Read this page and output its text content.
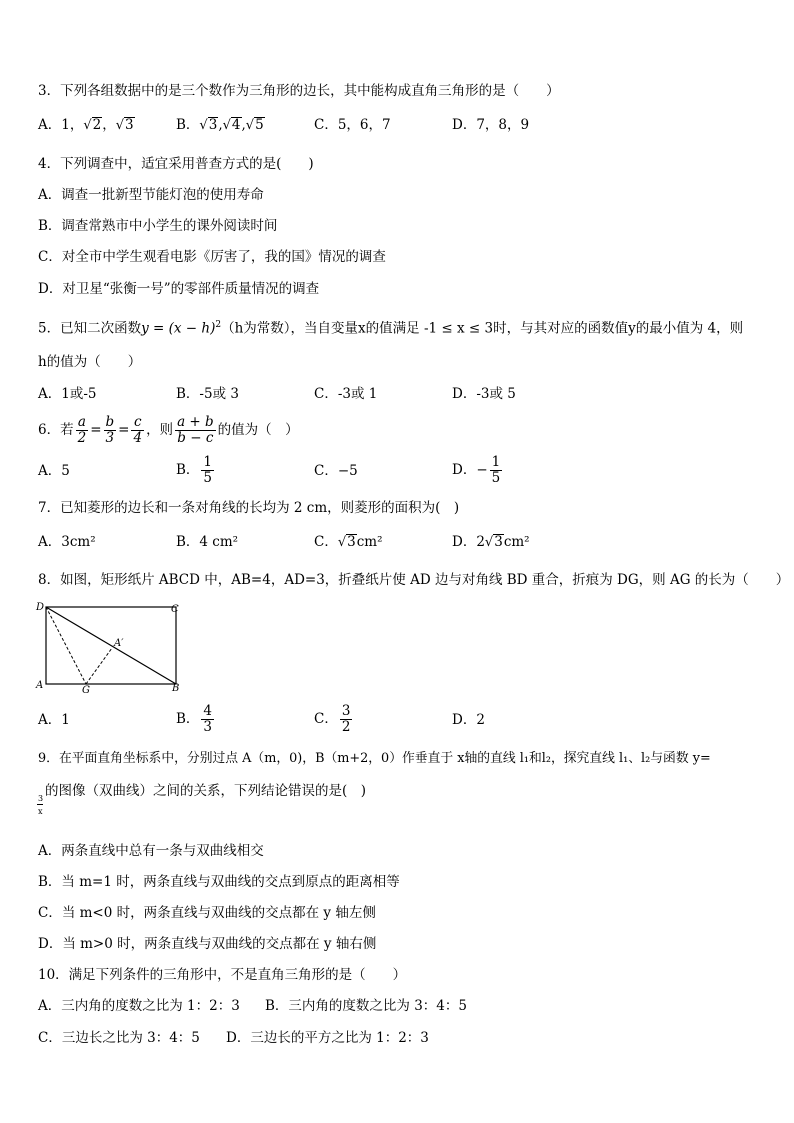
3．下列各组数据中的是三个数作为三角形的边长，其中能构成直角三角形的是（　　）
A．1，√2，√3	B．√3,√4,√5	C．5，6，7	D．7，8，9
4．下列调查中，适宜采用普查方式的是(　　)
A．调查一批新型节能灯泡的使用寿命
B．调查常熟市中小学生的课外阅读时间
C．对全市中学生观看电影《厉害了，我的国》情况的调查
D．对卫星“张衡一号”的零部件质量情况的调查
5．已知二次函数$y = (x - h)^2(h$为常数），当自变量x的值满足 -1 ≤ x ≤ 3时，与其对应的函数值y的最小值为 4，则
h的值为（　　）
A．1或-5	B．-5或 3	C．-3或 1	D．-3或 5
6．若 $\frac{a}{2} = \frac{b}{3} = \frac{c}{4}$ ，则 $\frac{a + b}{b - c}$ 的值为（　）
A．5	B． $\frac{1}{5}$	C．−5	D．− $\frac{1}{5}$
7．已知菱形的边长和一条对角线的长均为 2 cm，则菱形的面积为(　)
A．3cm²	B．4 cm²	C．√3cm²	D．2√3cm²
8．如图，矩形纸片 ABCD 中，AB=4，AD=3，折叠纸片使 AD 边与对角线 BD 重合，折痕为 DG，则 AG 的长为（　　）
D	C
A	B
G
A′
A．1	B． $\frac{4}{3}$	C． $\frac{3}{2}$	D．2
9．在平面直角坐标系中，分别过点 A（m，0)，B（m+2，0）作垂直于 x轴的直线 l₁和l₂，探究直线 l₁、l₂与函数 y=
的图像（双曲线）之间的关系，下列结论错误的是(　)
3
x
A．两条直线中总有一条与双曲线相交
B．当 m=1 时，两条直线与双曲线的交点到原点的距离相等
C．当 m<0 时，两条直线与双曲线的交点都在 y 轴左侧
D．当 m>0 时，两条直线与双曲线的交点都在 y 轴右侧
10．满足下列条件的三角形中，不是直角三角形的是（　　）
A．三内角的度数之比为 1：2：3 B．三内角的度数之比为 3：4：5
C．三边长之比为 3：4：5 D．三边长的平方之比为 1：2：3
